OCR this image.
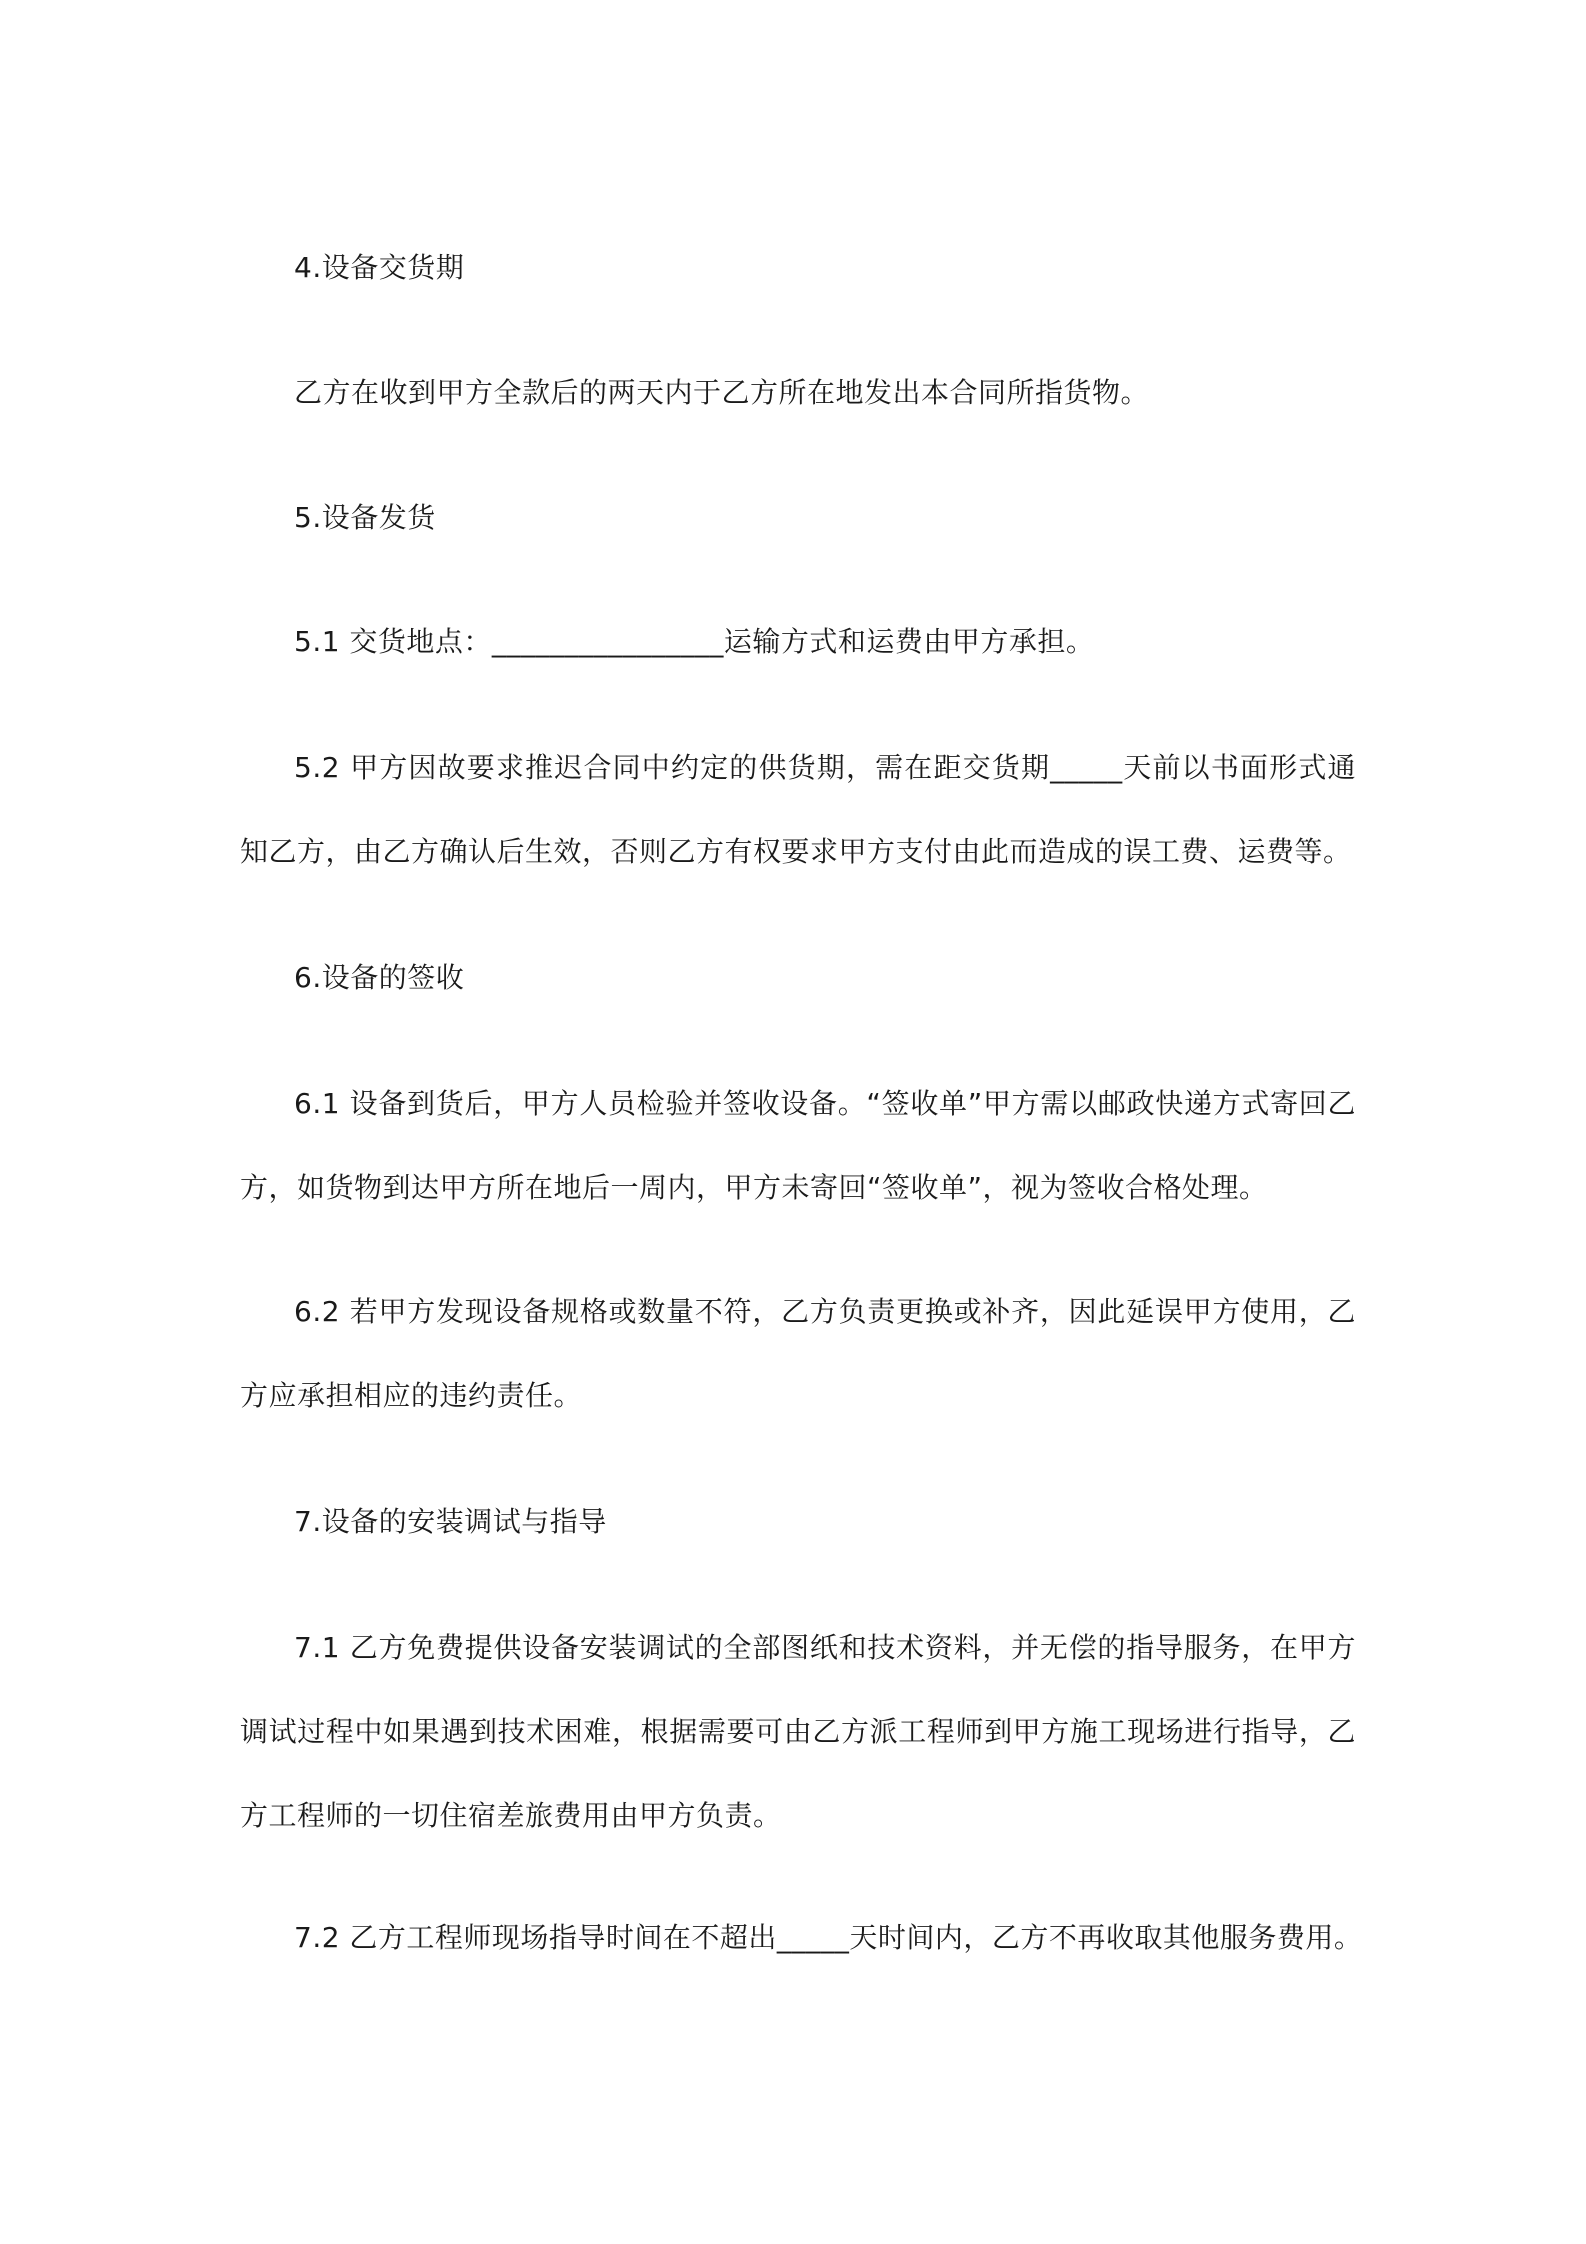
4.设备交货期

乙方在收到甲方全款后的两天内于乙方所在地发出本合同所指货物。

5.设备发货

5.1 交货地点：________________运输方式和运费由甲方承担。

5.2 甲方因故要求推迟合同中约定的供货期，需在距交货期_____天前以书面形式通知乙方，由乙方确认后生效，否则乙方有权要求甲方支付由此而造成的误工费、运费等。

6.设备的签收

6.1 设备到货后，甲方人员检验并签收设备。“签收单”甲方需以邮政快递方式寄回乙方，如货物到达甲方所在地后一周内，甲方未寄回“签收单”，视为签收合格处理。

6.2 若甲方发现设备规格或数量不符，乙方负责更换或补齐，因此延误甲方使用，乙方应承担相应的违约责任。

7.设备的安装调试与指导

7.1 乙方免费提供设备安装调试的全部图纸和技术资料，并无偿的指导服务，在甲方调试过程中如果遇到技术困难，根据需要可由乙方派工程师到甲方施工现场进行指导，乙方工程师的一切住宿差旅费用由甲方负责。

7.2 乙方工程师现场指导时间在不超出_____天时间内，乙方不再收取其他服务费用。
